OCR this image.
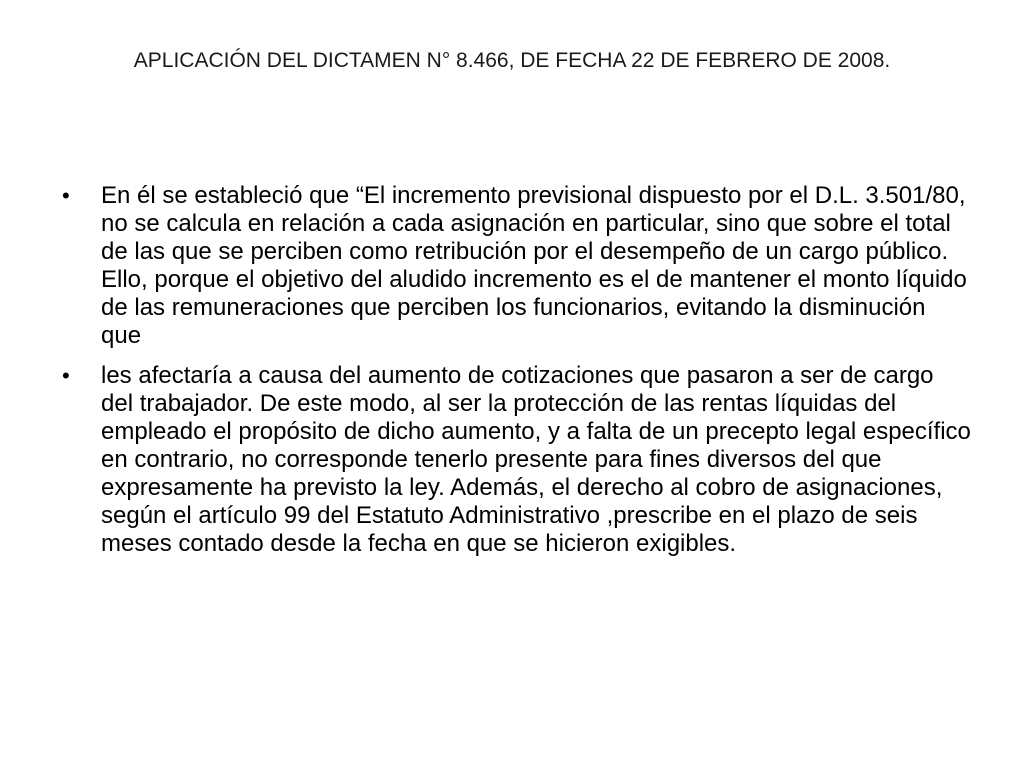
APLICACIÓN DEL DICTAMEN N° 8.466, DE FECHA 22 DE FEBRERO DE 2008.
• En él se estableció que “El incremento previsional dispuesto por el D.L. 3.501/80, no se calcula en relación a cada asignación en particular, sino que sobre el total de las que se perciben como retribución por el desempeño de un cargo público. Ello, porque el objetivo del aludido incremento es el de mantener el monto líquido de las remuneraciones que perciben los funcionarios, evitando la disminución que
• les afectaría a causa del aumento de cotizaciones que pasaron a ser de cargo del trabajador. De este modo, al ser la protección de las rentas líquidas del empleado el propósito de dicho aumento, y a falta de un precepto legal específico en contrario, no corresponde tenerlo presente para fines diversos del que expresamente ha previsto la ley. Además, el derecho al cobro de asignaciones, según el artículo 99 del Estatuto Administrativo ,prescribe en el plazo de seis meses contado desde la fecha en que se hicieron exigibles.
